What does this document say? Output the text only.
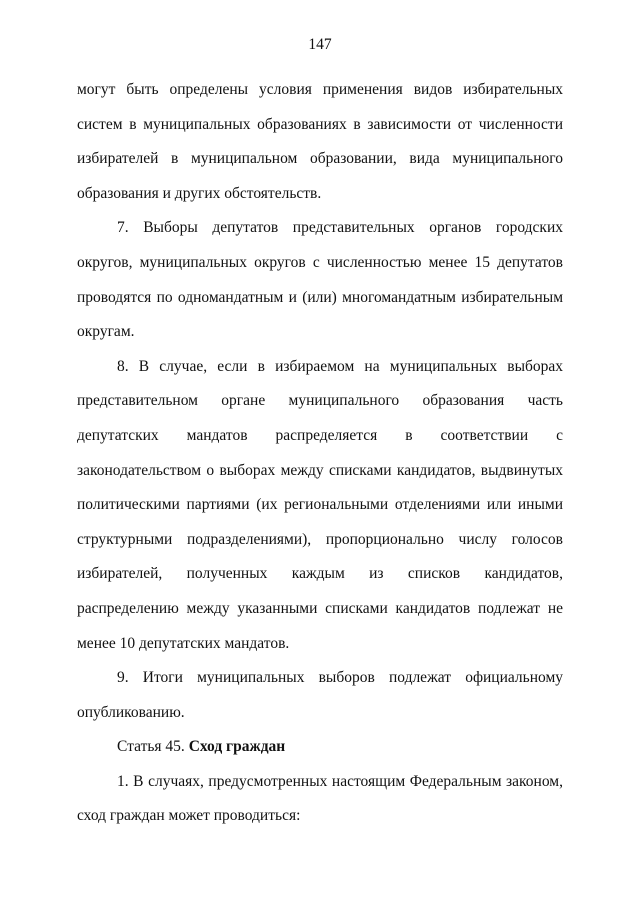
147

могут быть определены условия применения видов избирательных систем в муниципальных образованиях в зависимости от численности избирателей в муниципальном образовании, вида муниципального образования и других обстоятельств.

7. Выборы депутатов представительных органов городских округов, муниципальных округов с численностью менее 15 депутатов проводятся по одномандатным и (или) многомандатным избирательным округам.

8. В случае, если в избираемом на муниципальных выборах представительном органе муниципального образования часть депутатских мандатов распределяется в соответствии с законодательством о выборах между списками кандидатов, выдвинутых политическими партиями (их региональными отделениями или иными структурными подразделениями), пропорционально числу голосов избирателей, полученных каждым из списков кандидатов, распределению между указанными списками кандидатов подлежат не менее 10 депутатских мандатов.

9. Итоги муниципальных выборов подлежат официальному опубликованию.

Статья 45. Сход граждан

1. В случаях, предусмотренных настоящим Федеральным законом, сход граждан может проводиться:
